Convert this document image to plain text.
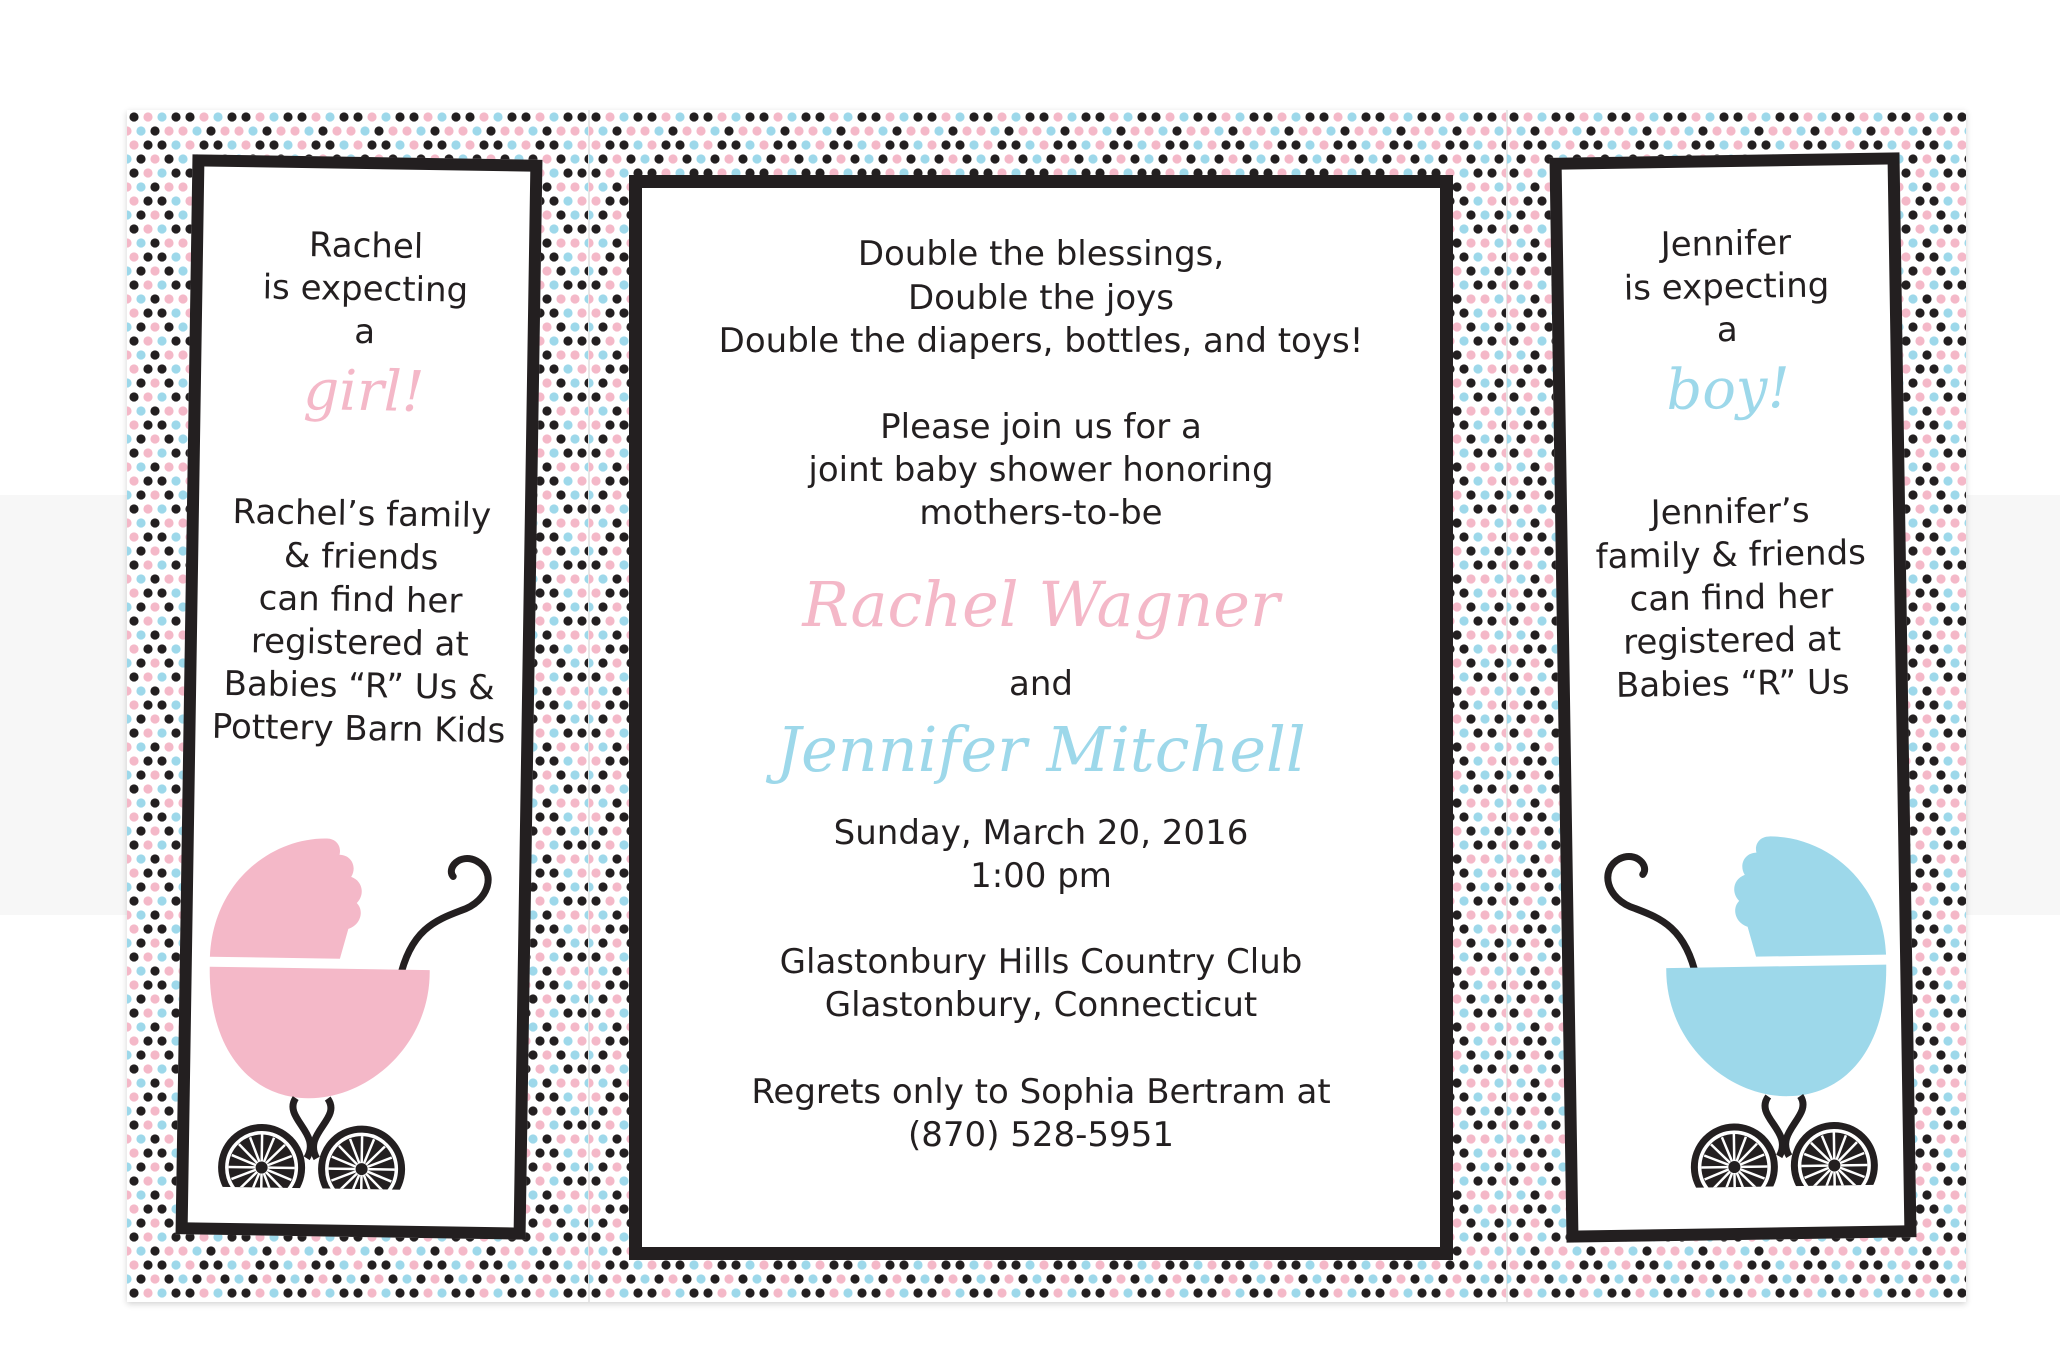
Rachel
is expecting
a
girl!
Rachel’s family
& friends
can find her
registered at
Babies “R” Us &
Pottery Barn Kids
Double the blessings,
Double the joys
Double the diapers, bottles, and toys!
Please join us for a
joint baby shower honoring
mothers-to-be
Rachel Wagner
and
Jennifer Mitchell
Sunday, March 20, 2016
1:00 pm
Glastonbury Hills Country Club
Glastonbury, Connecticut
Regrets only to Sophia Bertram at
(870) 528-5951
Jennifer
is expecting
a
boy!
Jennifer’s
family & friends
can find her
registered at
Babies “R” Us
